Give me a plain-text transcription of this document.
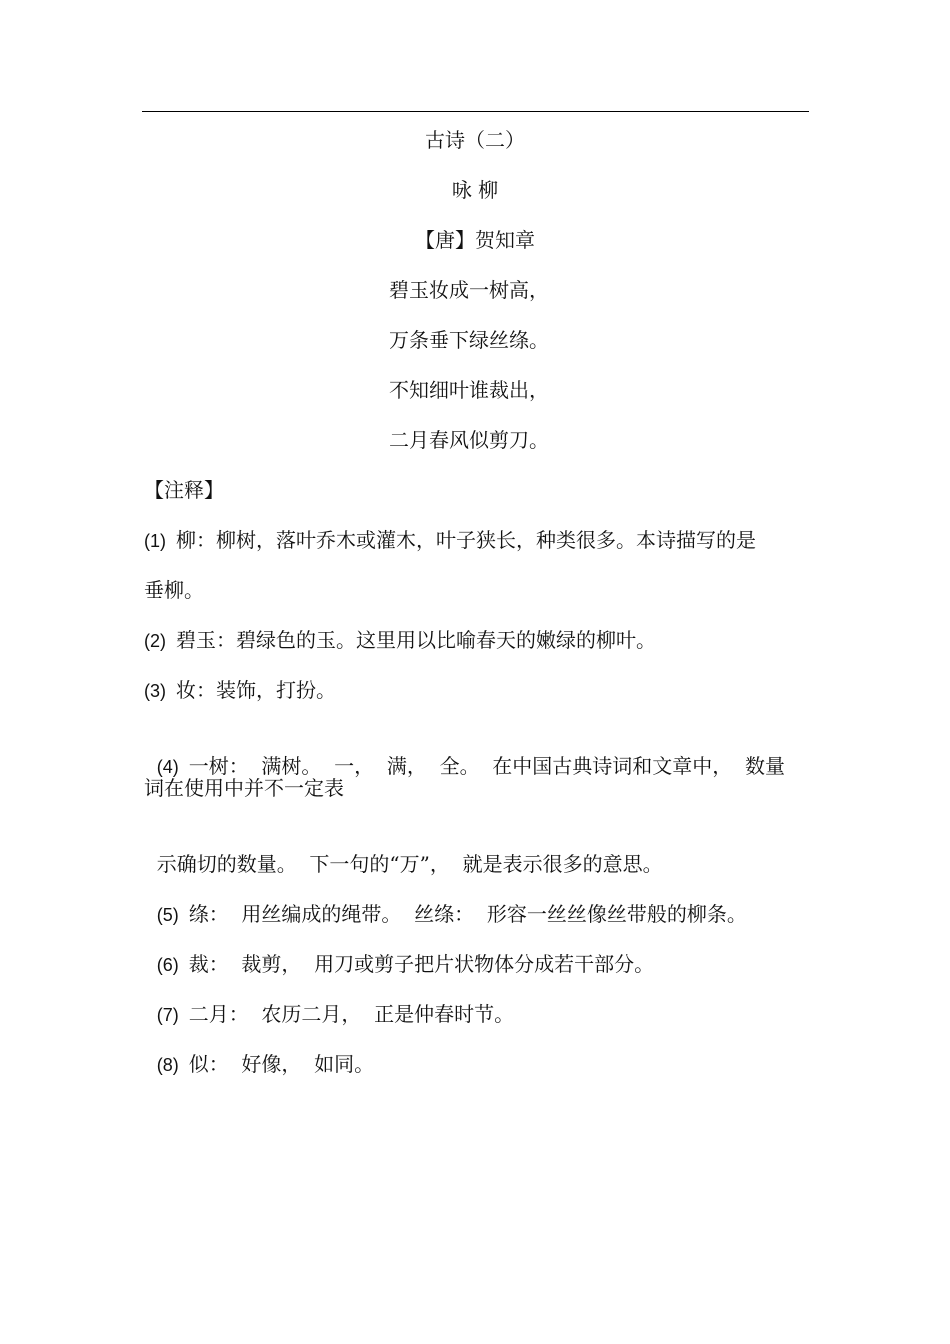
古诗（二）
咏 柳
【唐】贺知章
碧玉妆成一树高，
万条垂下绿丝绦。
不知细叶谁裁出，
二月春风似剪刀。
【注释】
(1) 柳：柳树，落叶乔木或灌木，叶子狭长，种类很多。本诗描写的是
垂柳。
(2) 碧玉：碧绿色的玉。这里用以比喻春天的嫩绿的柳叶。
(3) 妆：装饰，打扮。

(4) 一树：  满树。  一，  满，  全。  在中国古典诗词和文章中，  数量

词在使用中并不一定表

示确切的数量。  下一句的“万”，  就是表示很多的意思。

(5) 绦：  用丝编成的绳带。  丝绦：  形容一丝丝像丝带般的柳条。

(6) 裁：  裁剪，  用刀或剪子把片状物体分成若干部分。

(7) 二月：  农历二月，  正是仲春时节。

(8) 似：  好像，  如同。
